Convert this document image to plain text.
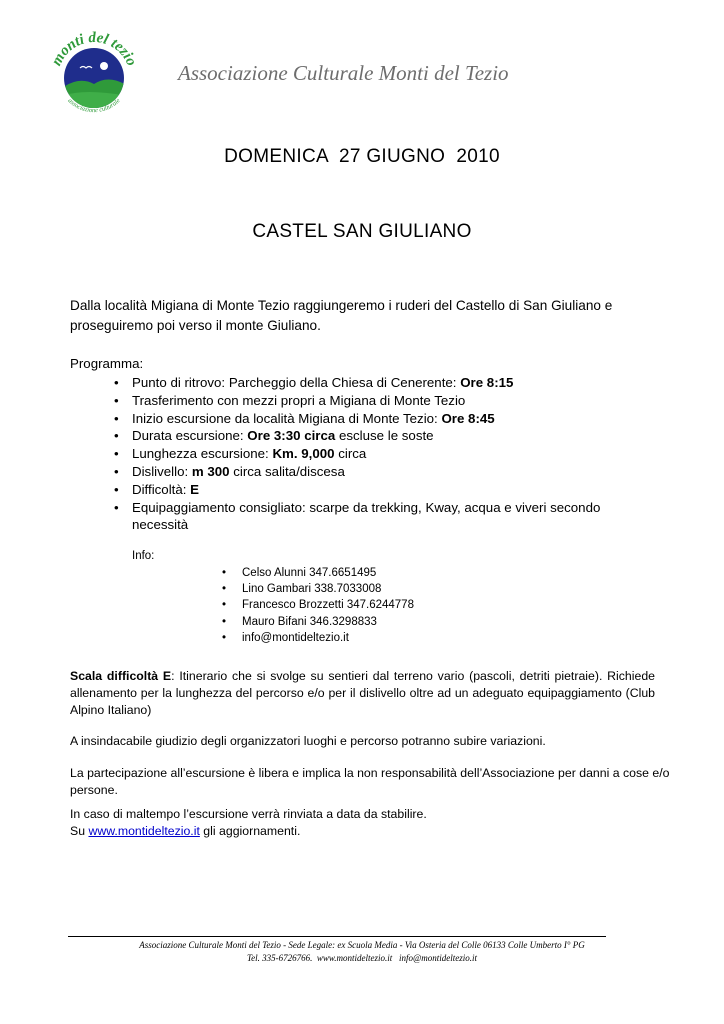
monti del tezio
associazione culturale
Associazione Culturale Monti del Tezio
DOMENICA  27 GIUGNO  2010
CASTEL SAN GIULIANO
Dalla località Migiana di Monte Tezio raggiungeremo i ruderi del Castello di San Giuliano e proseguiremo poi verso il monte Giuliano.
Programma:
• Punto di ritrovo: Parcheggio della Chiesa di Cenerente: Ore 8:15
• Trasferimento con mezzi propri a Migiana di Monte Tezio
• Inizio escursione da località Migiana di Monte Tezio: Ore 8:45
• Durata escursione: Ore 3:30 circa escluse le soste
• Lunghezza escursione: Km. 9,000 circa
• Dislivello: m 300 circa salita/discesa
• Difficoltà: E
• Equipaggiamento consigliato: scarpe da trekking, Kway, acqua e viveri secondo necessità
Info:
• Celso Alunni 347.6651495
• Lino Gambari 338.7033008
• Francesco Brozzetti 347.6244778
• Mauro Bifani 346.3298833
• info@montideltezio.it
Scala difficoltà E: Itinerario che si svolge su sentieri dal terreno vario (pascoli, detriti pietraie). Richiede allenamento per la lunghezza del percorso e/o per il dislivello oltre ad un adeguato equipaggiamento (Club Alpino Italiano)
A insindacabile giudizio degli organizzatori luoghi e percorso potranno subire variazioni.
La partecipazione all’escursione è libera e implica la non responsabilità dell’Associazione per danni a cose e/o persone.
In caso di maltempo l’escursione verrà rinviata a data da stabilire.
Su www.montideltezio.it gli aggiornamenti.
Associazione Culturale Monti del Tezio - Sede Legale: ex Scuola Media - Via Osteria del Colle 06133 Colle Umberto I° PG
Tel. 335-6726766.  www.montideltezio.it   info@montideltezio.it
